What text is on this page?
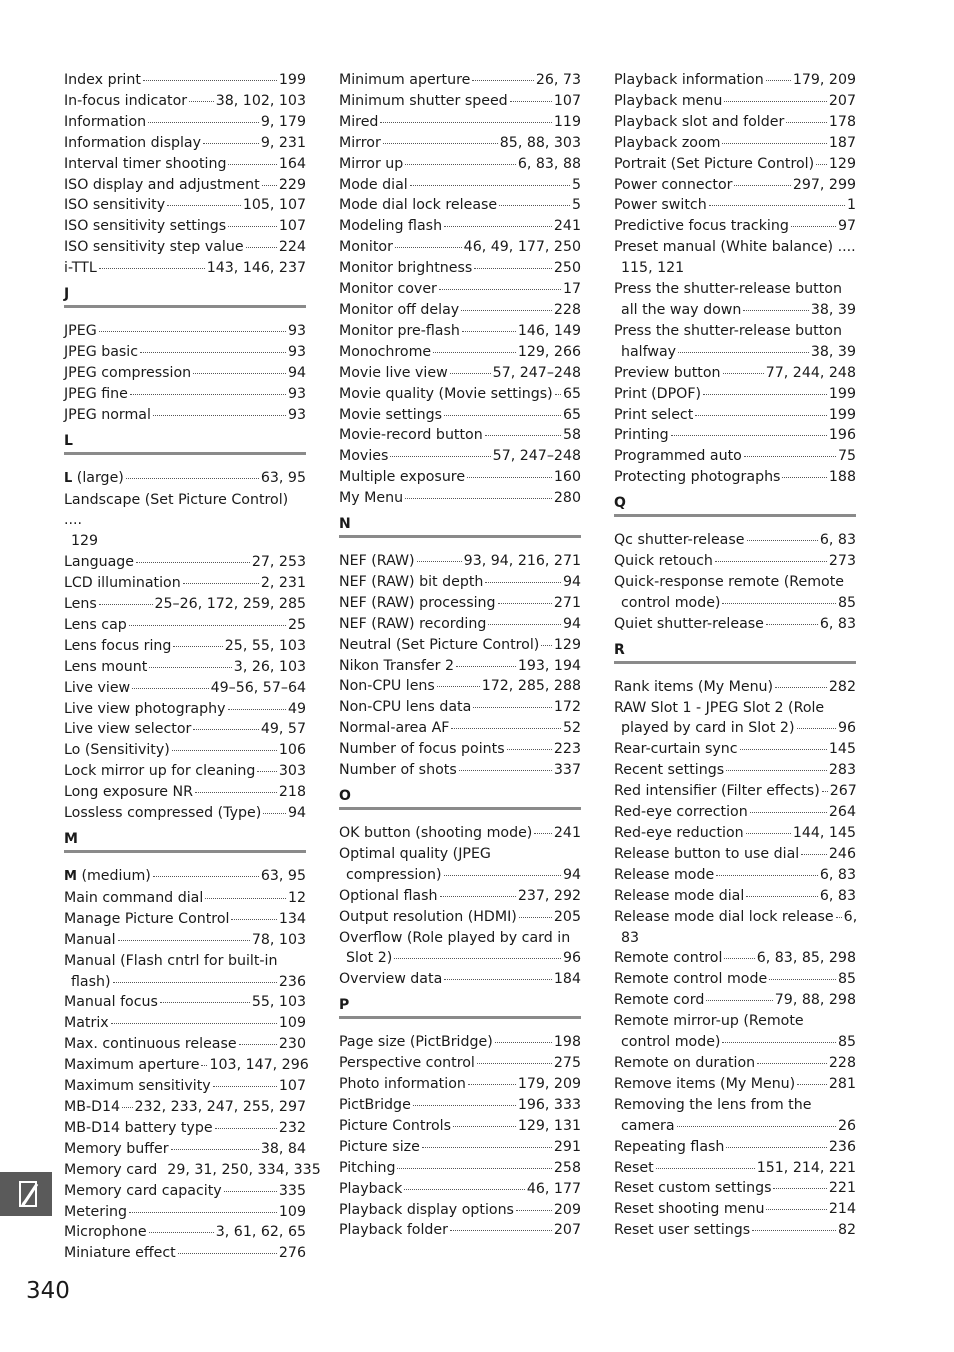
Index print	199
In-focus indicator 38, 102, 103
Information	9, 179
Information display	9, 231
Interval timer shooting	164
ISO display and adjustment 229
ISO sensitivity	105, 107
ISO sensitivity settings	107
ISO sensitivity step value 224
i-TTL	143, 146, 237
J
JPEG	93
JPEG basic	93
JPEG compression	94
JPEG fine	93
JPEG normal	93
L
L (large)	63, 95
Landscape (Set Picture Control) ....
129
Language	27, 253
LCD illumination	2, 231
Lens	25–26, 172, 259, 285
Lens cap	25
Lens focus ring	25, 55, 103
Lens mount	3, 26, 103
Live view	49–56, 57–64
Live view photography	49
Live view selector	49, 57
Lo (Sensitivity)	106
Lock mirror up for cleaning 303
Long exposure NR	218
Lossless compressed (Type) 94
M
M (medium)	63, 95
Main command dial	12
Manage Picture Control	134
Manual	78, 103
Manual (Flash cntrl for built-in
flash)	236
Manual focus	55, 103
Matrix	109
Max. continuous release	230
Maximum aperture 103, 147, 296
Maximum sensitivity	107
MB-D14 232, 233, 247, 255, 297
MB-D14 battery type	232
Memory buffer	38, 84
Memory card 29, 31, 250, 334, 335
Memory card capacity	335
Metering	109
Microphone	3, 61, 62, 65
Miniature effect	276
Minimum aperture	26, 73
Minimum shutter speed	107
Mired	119
Mirror	85, 88, 303
Mirror up	6, 83, 88
Mode dial	5
Mode dial lock release	5
Modeling flash	241
Monitor	46, 49, 177, 250
Monitor brightness	250
Monitor cover	17
Monitor off delay	228
Monitor pre-flash	146, 149
Monochrome	129, 266
Movie live view	57, 247–248
Movie quality (Movie settings) 65
Movie settings	65
Movie-record button	58
Movies	57, 247–248
Multiple exposure	160
My Menu	280
N
NEF (RAW)	93, 94, 216, 271
NEF (RAW) bit depth	94
NEF (RAW) processing	271
NEF (RAW) recording	94
Neutral (Set Picture Control) 129
Nikon Transfer 2	193, 194
Non-CPU lens	172, 285, 288
Non-CPU lens data	172
Normal-area AF	52
Number of focus points	223
Number of shots	337
O
OK button (shooting mode) 241
Optimal quality (JPEG
compression)	94
Optional flash	237, 292
Output resolution (HDMI)	205
Overflow (Role played by card in
Slot 2)	96
Overview data	184
P
Page size (PictBridge)	198
Perspective control	275
Photo information	179, 209
PictBridge	196, 333
Picture Controls	129, 131
Picture size	291
Pitching	258
Playback	46, 177
Playback display options	209
Playback folder	207
Playback information 179, 209
Playback menu	207
Playback slot and folder	178
Playback zoom	187
Portrait (Set Picture Control) 129
Power connector	297, 299
Power switch	1
Predictive focus tracking	97
Preset manual (White balance) ....
115, 121
Press the shutter-release button
all the way down	38, 39
Press the shutter-release button
halfway	38, 39
Preview button	77, 244, 248
Print (DPOF)	199
Print select	199
Printing	196
Programmed auto	75
Protecting photographs	188
Q
Qc shutter-release	6, 83
Quick retouch	273
Quick-response remote (Remote
control mode)	85
Quiet shutter-release	6, 83
R
Rank items (My Menu)	282
RAW Slot 1 - JPEG Slot 2 (Role
played by card in Slot 2)	96
Rear-curtain sync	145
Recent settings	283
Red intensifier (Filter effects) 267
Red-eye correction	264
Red-eye reduction	144, 145
Release button to use dial 246
Release mode	6, 83
Release mode dial	6, 83
Release mode dial lock release 6,
83
Remote control 6, 83, 85, 298
Remote control mode	85
Remote cord	79, 88, 298
Remote mirror-up (Remote
control mode)	85
Remote on duration	228
Remove items (My Menu) 281
Removing the lens from the
camera	26
Repeating flash	236
Reset	151, 214, 221
Reset custom settings	221
Reset shooting menu	214
Reset user settings	82
340
